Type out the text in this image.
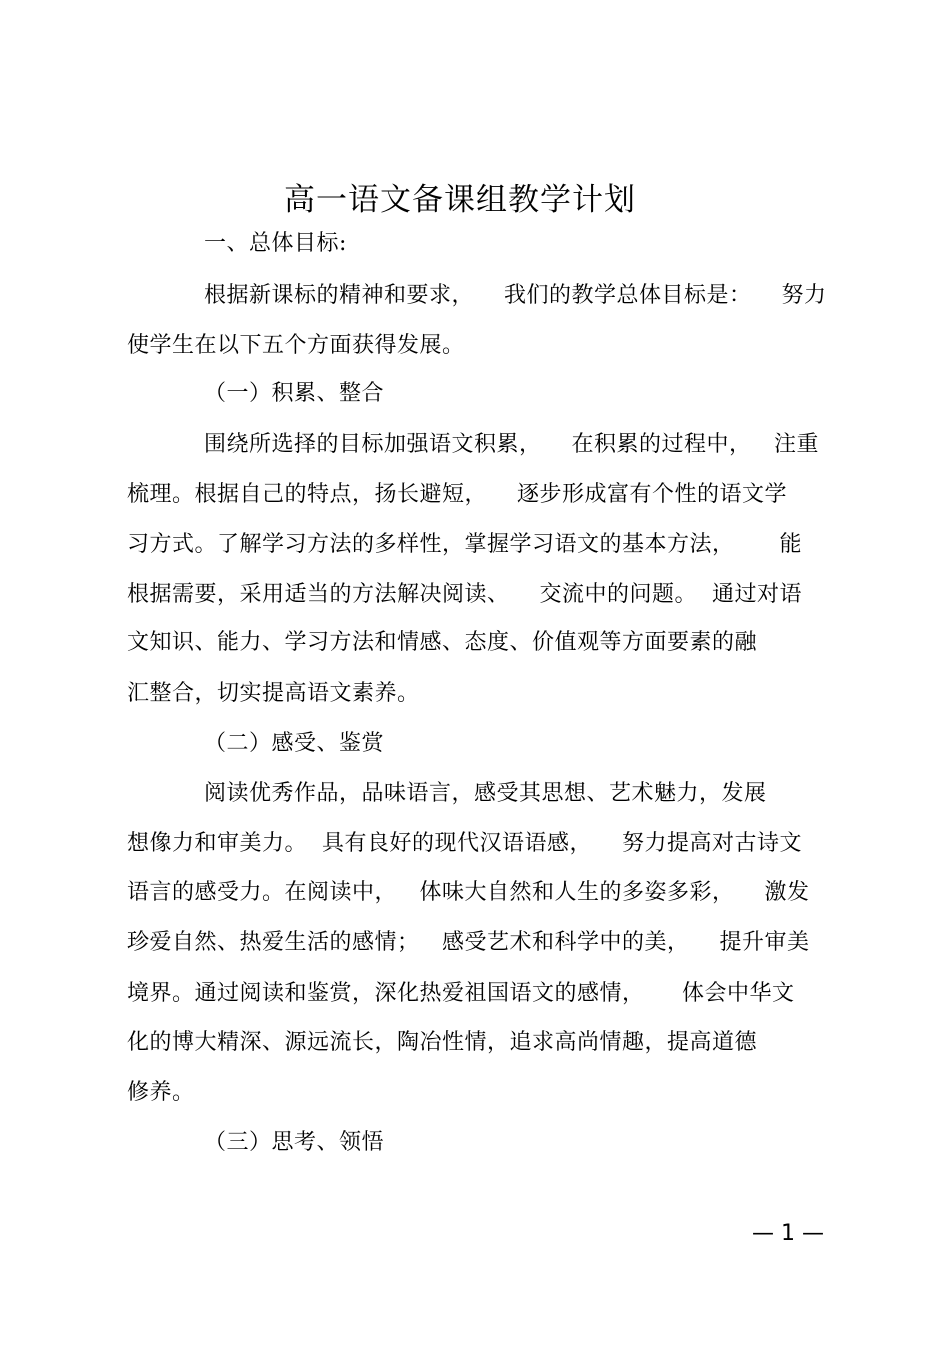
高一语文备课组教学计划
一、总体目标:
根据新课标的精神和要求，    我们的教学总体目标是：    努力
使学生在以下五个方面获得发展。
（一）积累、整合
围绕所选择的目标加强语文积累，    在积累的过程中，   注重
梳理。根据自己的特点，扬长避短，    逐步形成富有个性的语文学
习方式。了解学习方法的多样性，掌握学习语文的基本方法，      能
根据需要，采用适当的方法解决阅读、    交流中的问题。  通过对语
文知识、能力、学习方法和情感、态度、价值观等方面要素的融
汇整合，切实提高语文素养。
（二）感受、鉴赏
阅读优秀作品，品味语言，感受其思想、艺术魅力，发展
想像力和审美力。  具有良好的现代汉语语感，    努力提高对古诗文
语言的感受力。在阅读中，   体味大自然和人生的多姿多彩，    激发
珍爱自然、热爱生活的感情；   感受艺术和科学中的美，    提升审美
境界。通过阅读和鉴赏，深化热爱祖国语文的感情，     体会中华文
化的博大精深、源远流长，陶冶性情，追求高尚情趣，提高道德
修养。
（三）思考、领悟
— 1 —
